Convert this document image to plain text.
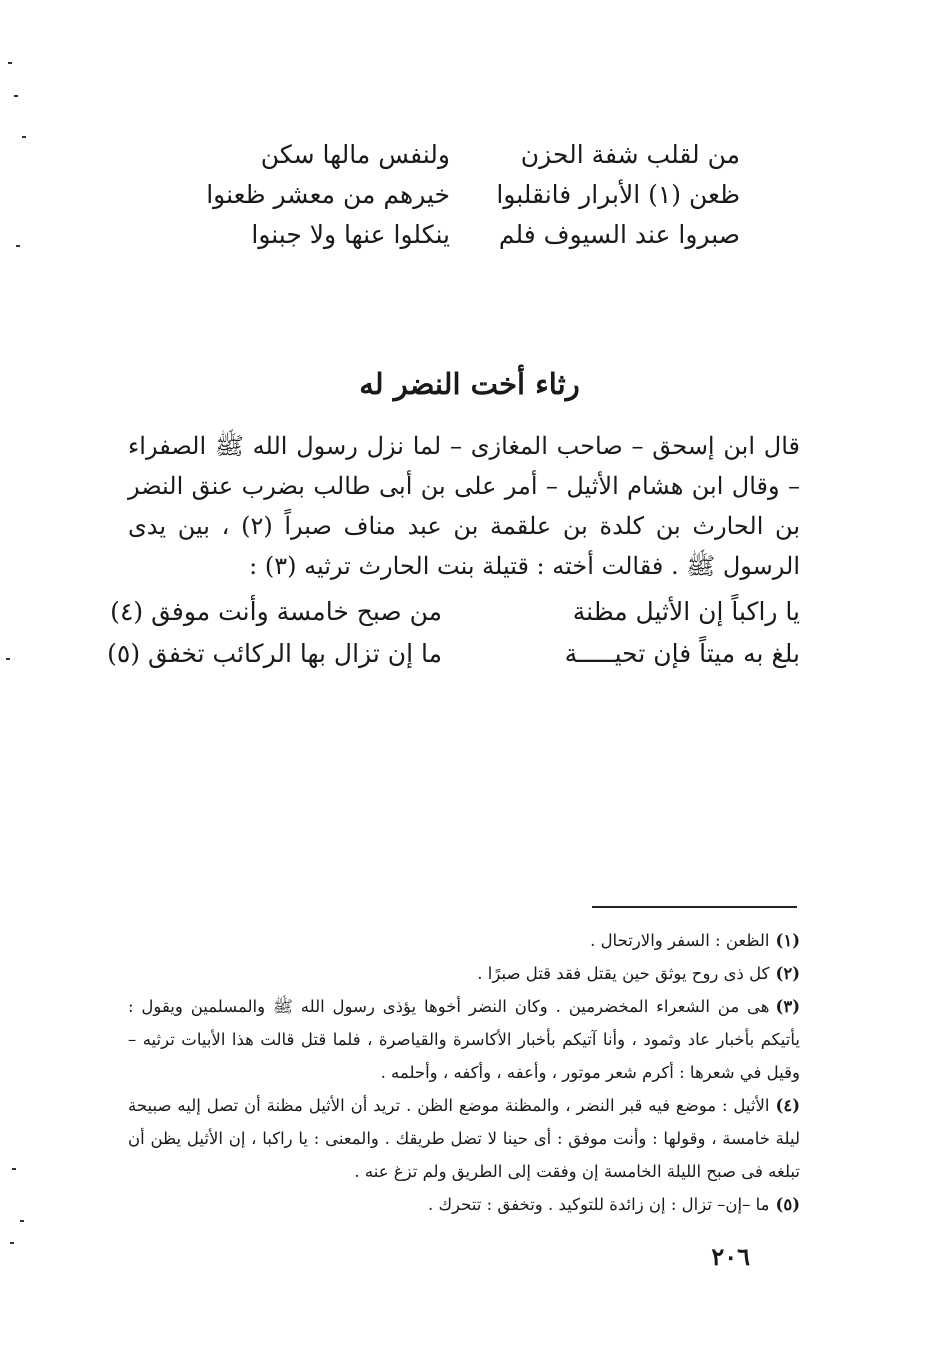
من لقلب شفة الحزن
ولنفس مالها سكن
ظعن (١) الأبرار فانقلبوا
خيرهم من معشر ظعنوا
صبروا عند السيوف فلم
ينكلوا عنها ولا جبنوا
رثاء أخت النضر له

قال ابن إسحق – صاحب المغازى – لما نزل رسول الله ﷺ الصفراء – وقال ابن هشام الأثيل – أمر على بن أبى طالب بضرب عنق النضر بن الحارث بن كلدة بن علقمة بن عبد مناف صبراً (٢) ، بين يدى الرسول ﷺ . فقالت أخته : قتيلة بنت الحارث ترثيه (٣) :

يا راكباً إن الأثيل مظنة
من صبح خامسة وأنت موفق (٤)
بلغ به ميتاً فإن تحيـــــة
ما إن تزال بها الركائب تخفق (٥)

(١)الظعن : السفر والارتحال .

(٢)كل ذى روح يوثق حين يقتل فقد قتل صبرًا .

(٣)هى من الشعراء المخضرمين . وكان النضر أخوها يؤذى رسول الله ﷺ والمسلمين ويقول : يأتيكم بأخبار عاد وثمود ، وأنا آتيكم بأخبار الأكاسرة والقياصرة ، فلما قتل قالت هذا الأبيات ترثيه – وقيل في شعرها : أكرم شعر موتور ، وأعفه ، وأكفه ، وأحلمه .

(٤)الأثيل : موضع فيه قبر النضر ، والمظنة موضع الظن . تريد أن الأثيل مظنة أن تصل إليه صبيحة ليلة خامسة ، وقولها : وأنت موفق : أى حينا لا تضل طريقك . والمعنى : يا راكبا ، إن الأثيل يظن أن تبلغه فى صبح الليلة الخامسة إن وفقت إلى الطريق ولم تزغ عنه .

(٥)ما –إن– تزال : إن زائدة للتوكيد . وتخفق : تتحرك .

٢٠٦
